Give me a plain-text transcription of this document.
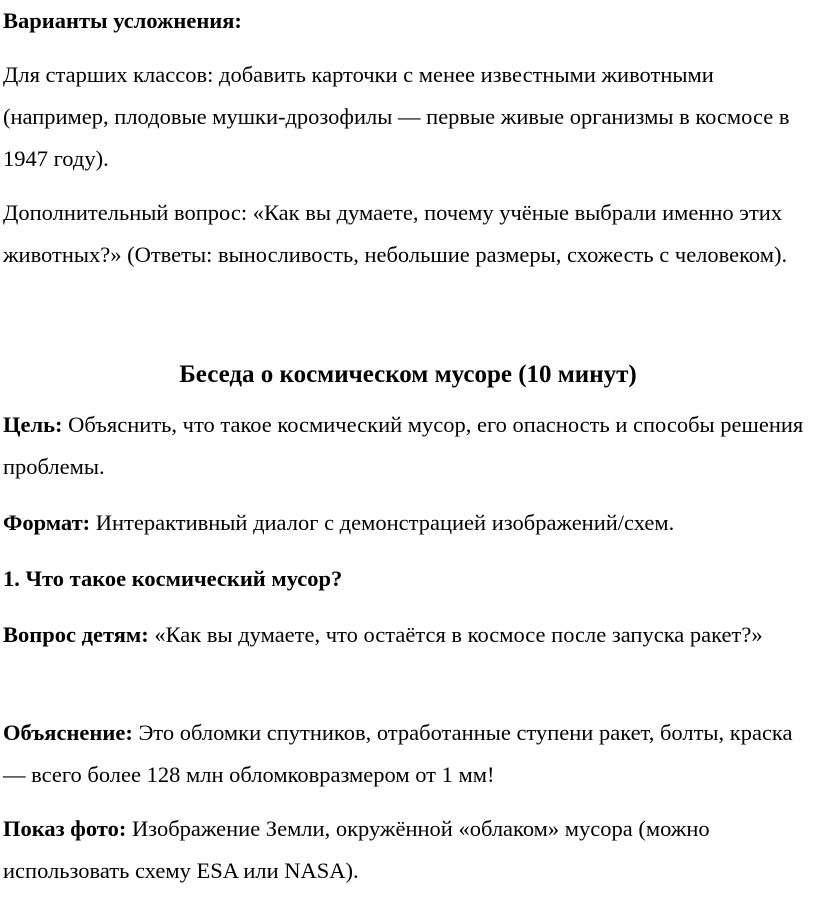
Варианты усложнения:

Для старших классов: добавить карточки с менее известными животными (например, плодовые мушки-дрозофилы — первые живые организмы в космосе в 1947 году).

Дополнительный вопрос: «Как вы думаете, почему учёные выбрали именно этих животных?» (Ответы: выносливость, небольшие размеры, схожесть с человеком).

Беседа о космическом мусоре (10 минут)

Цель: Объяснить, что такое космический мусор, его опасность и способы решения проблемы.

Формат: Интерактивный диалог с демонстрацией изображений/схем.

1. Что такое космический мусор?

Вопрос детям: «Как вы думаете, что остаётся в космосе после запуска ракет?»

Объяснение: Это обломки спутников, отработанные ступени ракет, болты, краска — всего более 128 млн обломковразмером от 1 мм!

Показ фото: Изображение Земли, окружённой «облаком» мусора (можно использовать схему ESA или NASA).
